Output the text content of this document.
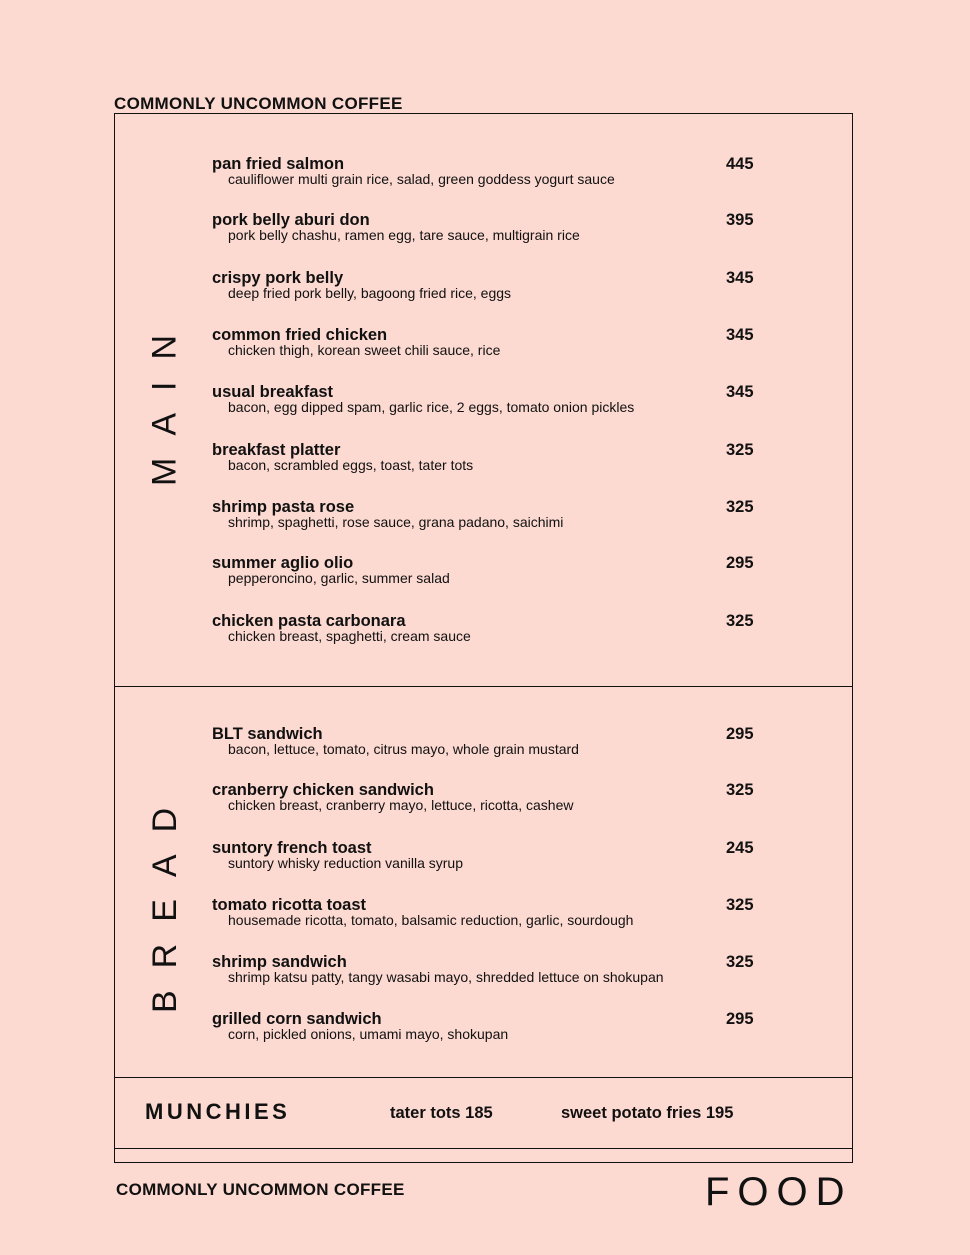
COMMONLY UNCOMMON COFFEE
MAIN
pan fried salmon
cauliflower multi grain rice, salad, green goddess yogurt sauce
445
pork belly aburi don
pork belly chashu, ramen egg, tare sauce, multigrain rice
395
crispy pork belly
deep fried pork belly, bagoong fried rice, eggs
345
common fried chicken
chicken thigh, korean sweet chili sauce, rice
345
usual breakfast
bacon, egg dipped spam, garlic rice, 2 eggs, tomato onion pickles
345
breakfast platter
bacon, scrambled eggs, toast, tater tots
325
shrimp pasta rose
shrimp, spaghetti, rose sauce, grana padano, saichimi
325
summer aglio olio
pepperoncino, garlic, summer salad
295
chicken pasta carbonara
chicken breast, spaghetti, cream sauce
325
BREAD
BLT sandwich
bacon, lettuce, tomato, citrus mayo, whole grain mustard
295
cranberry chicken sandwich
chicken breast, cranberry mayo, lettuce, ricotta, cashew
325
suntory french toast
suntory whisky reduction vanilla syrup
245
tomato ricotta toast
housemade ricotta, tomato, balsamic reduction, garlic, sourdough
325
shrimp sandwich
shrimp katsu patty, tangy wasabi mayo, shredded lettuce on shokupan
325
grilled corn sandwich
corn, pickled onions, umami mayo, shokupan
295
MUNCHIES	tater tots 185	sweet potato fries 195
COMMONLY UNCOMMON COFFEE	FOOD
